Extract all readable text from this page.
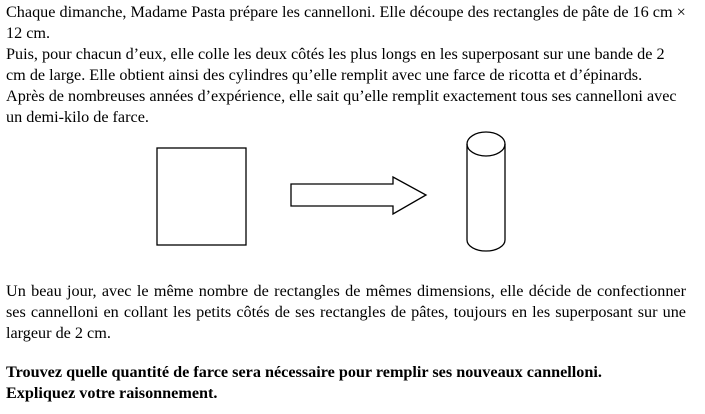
Chaque dimanche, Madame Pasta prépare les cannelloni. Elle découpe des rectangles de pâte de 16 cm × 12 cm.

Puis, pour chacun d’eux, elle colle les deux côtés les plus longs en les superposant sur une bande de 2 cm de large. Elle obtient ainsi des cylindres qu’elle remplit avec une farce de ricotta et d’épinards.

Après de nombreuses années d’expérience, elle sait qu’elle remplit exactement tous ses cannelloni avec un demi-kilo de farce.

Un beau jour, avec le même nombre de rectangles de mêmes dimensions, elle décide de confectionner ses cannelloni en collant les petits côtés de ses rectangles de pâtes, toujours en les superposant sur une largeur de 2 cm.

Trouvez quelle quantité de farce sera nécessaire pour remplir ses nouveaux cannelloni.

Expliquez votre raisonnement.
